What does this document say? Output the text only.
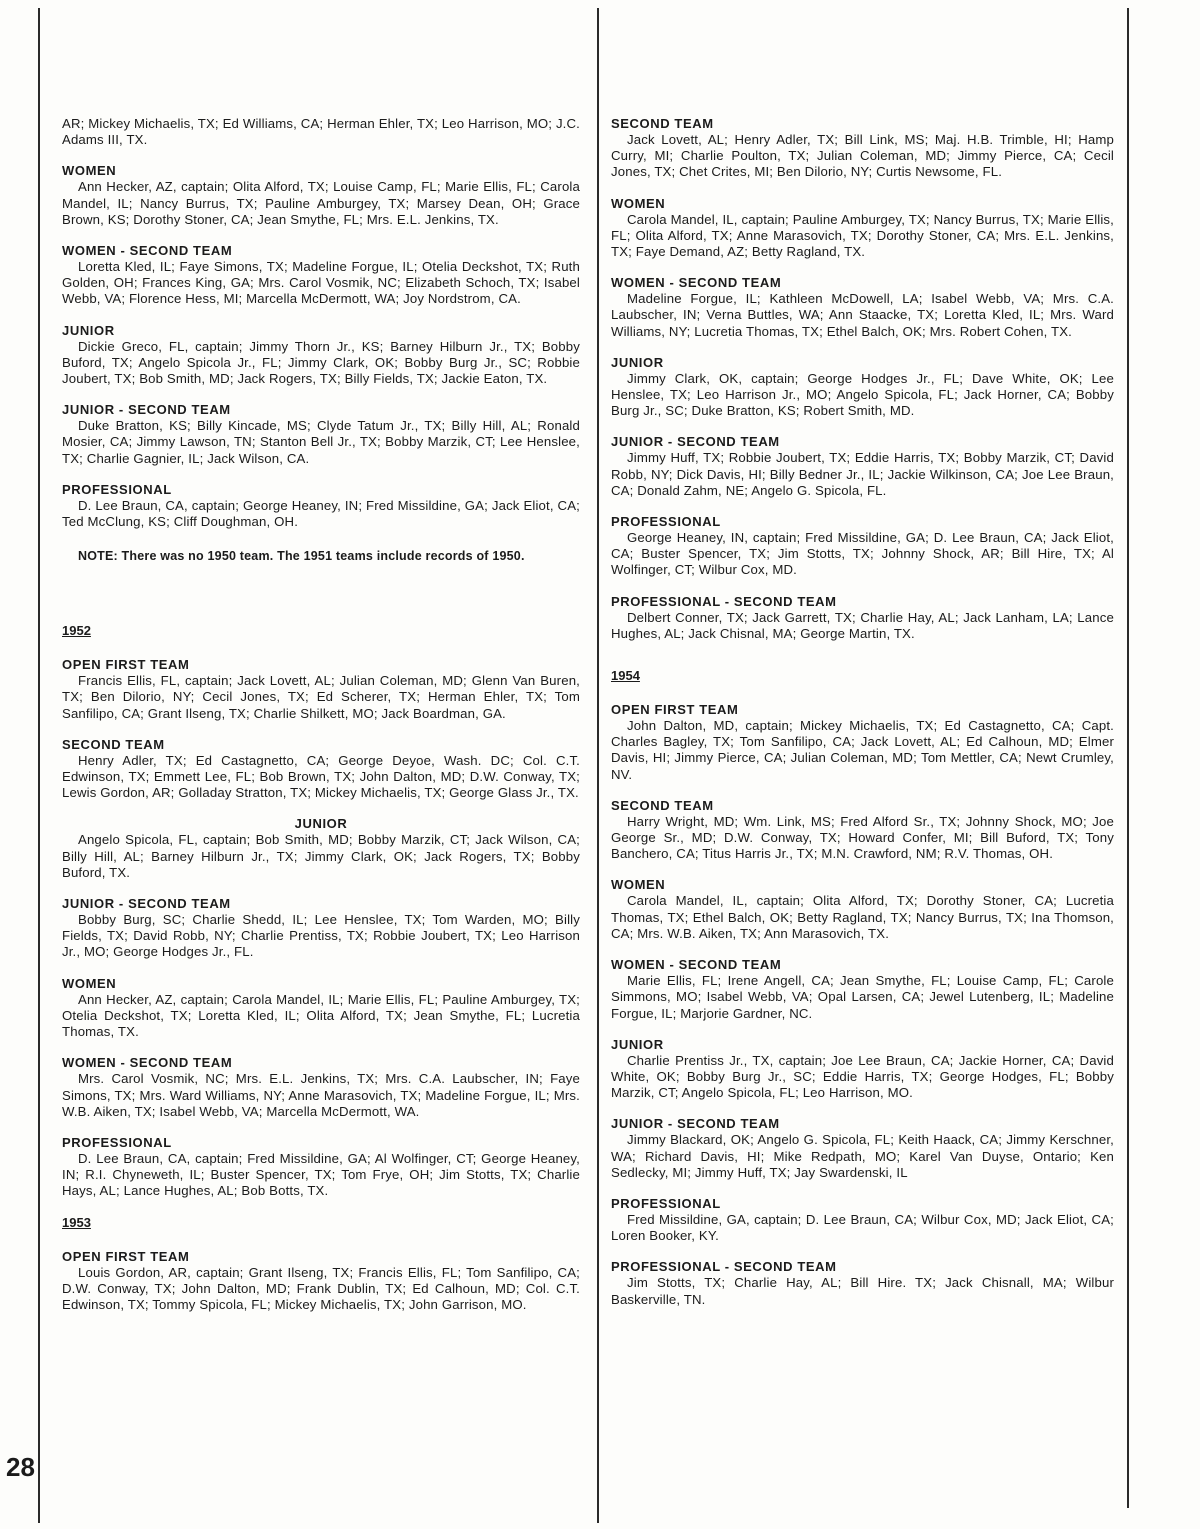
28

AR; Mickey Michaelis, TX; Ed Williams, CA; Herman Ehler, TX; Leo Harrison, MO; J.C. Adams III, TX.

WOMEN

Ann Hecker, AZ, captain; Olita Alford, TX; Louise Camp, FL; Marie Ellis, FL; Carola Mandel, IL; Nancy Burrus, TX; Pauline Amburgey, TX; Marsey Dean, OH; Grace Brown, KS; Dorothy Stoner, CA; Jean Smythe, FL; Mrs. E.L. Jenkins, TX.

WOMEN - SECOND TEAM

Loretta Kled, IL; Faye Simons, TX; Madeline Forgue, IL; Otelia Deckshot, TX; Ruth Golden, OH; Frances King, GA; Mrs. Carol Vosmik, NC; Elizabeth Schoch, TX; Isabel Webb, VA; Florence Hess, MI; Marcella McDermott, WA; Joy Nordstrom, CA.

JUNIOR

Dickie Greco, FL, captain; Jimmy Thorn Jr., KS; Barney Hilburn Jr., TX; Bobby Buford, TX; Angelo Spicola Jr., FL; Jimmy Clark, OK; Bobby Burg Jr., SC; Robbie Joubert, TX; Bob Smith, MD; Jack Rogers, TX; Billy Fields, TX; Jackie Eaton, TX.

JUNIOR - SECOND TEAM

Duke Bratton, KS; Billy Kincade, MS; Clyde Tatum Jr., TX; Billy Hill, AL; Ronald Mosier, CA; Jimmy Lawson, TN; Stanton Bell Jr., TX; Bobby Marzik, CT; Lee Henslee, TX; Charlie Gagnier, IL; Jack Wilson, CA.

PROFESSIONAL

D. Lee Braun, CA, captain; George Heaney, IN; Fred Missildine, GA; Jack Eliot, CA; Ted McClung, KS; Cliff Doughman, OH.

NOTE: There was no 1950 team. The 1951 teams include records of 1950.

1952

OPEN FIRST TEAM

Francis Ellis, FL, captain; Jack Lovett, AL; Julian Coleman, MD; Glenn Van Buren, TX; Ben Dilorio, NY; Cecil Jones, TX; Ed Scherer, TX; Herman Ehler, TX; Tom Sanfilipo, CA; Grant Ilseng, TX; Charlie Shilkett, MO; Jack Boardman, GA.

SECOND TEAM

Henry Adler, TX; Ed Castagnetto, CA; George Deyoe, Wash. DC; Col. C.T. Edwinson, TX; Emmett Lee, FL; Bob Brown, TX; John Dalton, MD; D.W. Conway, TX; Lewis Gordon, AR; Golladay Stratton, TX; Mickey Michaelis, TX; George Glass Jr., TX.

JUNIOR

Angelo Spicola, FL, captain; Bob Smith, MD; Bobby Marzik, CT; Jack Wilson, CA; Billy Hill, AL; Barney Hilburn Jr., TX; Jimmy Clark, OK; Jack Rogers, TX; Bobby Buford, TX.

JUNIOR - SECOND TEAM

Bobby Burg, SC; Charlie Shedd, IL; Lee Henslee, TX; Tom Warden, MO; Billy Fields, TX; David Robb, NY; Charlie Prentiss, TX; Robbie Joubert, TX; Leo Harrison Jr., MO; George Hodges Jr., FL.

WOMEN

Ann Hecker, AZ, captain; Carola Mandel, IL; Marie Ellis, FL; Pauline Amburgey, TX; Otelia Deckshot, TX; Loretta Kled, IL; Olita Alford, TX; Jean Smythe, FL; Lucretia Thomas, TX.

WOMEN - SECOND TEAM

Mrs. Carol Vosmik, NC; Mrs. E.L. Jenkins, TX; Mrs. C.A. Laubscher, IN; Faye Simons, TX; Mrs. Ward Williams, NY; Anne Marasovich, TX; Madeline Forgue, IL; Mrs. W.B. Aiken, TX; Isabel Webb, VA; Marcella McDermott, WA.

PROFESSIONAL

D. Lee Braun, CA, captain; Fred Missildine, GA; Al Wolfinger, CT; George Heaney, IN; R.I. Chyneweth, IL; Buster Spencer, TX; Tom Frye, OH; Jim Stotts, TX; Charlie Hays, AL; Lance Hughes, AL; Bob Botts, TX.

1953

OPEN FIRST TEAM

Louis Gordon, AR, captain; Grant Ilseng, TX; Francis Ellis, FL; Tom Sanfilipo, CA; D.W. Conway, TX; John Dalton, MD; Frank Dublin, TX; Ed Calhoun, MD; Col. C.T. Edwinson, TX; Tommy Spicola, FL; Mickey Michaelis, TX; John Garrison, MO.

SECOND TEAM

Jack Lovett, AL; Henry Adler, TX; Bill Link, MS; Maj. H.B. Trimble, HI; Hamp Curry, MI; Charlie Poulton, TX; Julian Coleman, MD; Jimmy Pierce, CA; Cecil Jones, TX; Chet Crites, MI; Ben Dilorio, NY; Curtis Newsome, FL.

WOMEN

Carola Mandel, IL, captain; Pauline Amburgey, TX; Nancy Burrus, TX; Marie Ellis, FL; Olita Alford, TX; Anne Marasovich, TX; Dorothy Stoner, CA; Mrs. E.L. Jenkins, TX; Faye Demand, AZ; Betty Ragland, TX.

WOMEN - SECOND TEAM

Madeline Forgue, IL; Kathleen McDowell, LA; Isabel Webb, VA; Mrs. C.A. Laubscher, IN; Verna Buttles, WA; Ann Staacke, TX; Loretta Kled, IL; Mrs. Ward Williams, NY; Lucretia Thomas, TX; Ethel Balch, OK; Mrs. Robert Cohen, TX.

JUNIOR

Jimmy Clark, OK, captain; George Hodges Jr., FL; Dave White, OK; Lee Henslee, TX; Leo Harrison Jr., MO; Angelo Spicola, FL; Jack Horner, CA; Bobby Burg Jr., SC; Duke Bratton, KS; Robert Smith, MD.

JUNIOR - SECOND TEAM

Jimmy Huff, TX; Robbie Joubert, TX; Eddie Harris, TX; Bobby Marzik, CT; David Robb, NY; Dick Davis, HI; Billy Bedner Jr., IL; Jackie Wilkinson, CA; Joe Lee Braun, CA; Donald Zahm, NE; Angelo G. Spicola, FL.

PROFESSIONAL

George Heaney, IN, captain; Fred Missildine, GA; D. Lee Braun, CA; Jack Eliot, CA; Buster Spencer, TX; Jim Stotts, TX; Johnny Shock, AR; Bill Hire, TX; Al Wolfinger, CT; Wilbur Cox, MD.

PROFESSIONAL - SECOND TEAM

Delbert Conner, TX; Jack Garrett, TX; Charlie Hay, AL; Jack Lanham, LA; Lance Hughes, AL; Jack Chisnal, MA; George Martin, TX.

1954

OPEN FIRST TEAM

John Dalton, MD, captain; Mickey Michaelis, TX; Ed Castagnetto, CA; Capt. Charles Bagley, TX; Tom Sanfilipo, CA; Jack Lovett, AL; Ed Calhoun, MD; Elmer Davis, HI; Jimmy Pierce, CA; Julian Coleman, MD; Tom Mettler, CA; Newt Crumley, NV.

SECOND TEAM

Harry Wright, MD; Wm. Link, MS; Fred Alford Sr., TX; Johnny Shock, MO; Joe George Sr., MD; D.W. Conway, TX; Howard Confer, MI; Bill Buford, TX; Tony Banchero, CA; Titus Harris Jr., TX; M.N. Crawford, NM; R.V. Thomas, OH.

WOMEN

Carola Mandel, IL, captain; Olita Alford, TX; Dorothy Stoner, CA; Lucretia Thomas, TX; Ethel Balch, OK; Betty Ragland, TX; Nancy Burrus, TX; Ina Thomson, CA; Mrs. W.B. Aiken, TX; Ann Marasovich, TX.

WOMEN - SECOND TEAM

Marie Ellis, FL; Irene Angell, CA; Jean Smythe, FL; Louise Camp, FL; Carole Simmons, MO; Isabel Webb, VA; Opal Larsen, CA; Jewel Lutenberg, IL; Madeline Forgue, IL; Marjorie Gardner, NC.

JUNIOR

Charlie Prentiss Jr., TX, captain; Joe Lee Braun, CA; Jackie Horner, CA; David White, OK; Bobby Burg Jr., SC; Eddie Harris, TX; George Hodges, FL; Bobby Marzik, CT; Angelo Spicola, FL; Leo Harrison, MO.

JUNIOR - SECOND TEAM

Jimmy Blackard, OK; Angelo G. Spicola, FL; Keith Haack, CA; Jimmy Kerschner, WA; Richard Davis, HI; Mike Redpath, MO; Karel Van Duyse, Ontario; Ken Sedlecky, MI; Jimmy Huff, TX; Jay Swardenski, IL

PROFESSIONAL

Fred Missildine, GA, captain; D. Lee Braun, CA; Wilbur Cox, MD; Jack Eliot, CA; Loren Booker, KY.

PROFESSIONAL - SECOND TEAM

Jim Stotts, TX; Charlie Hay, AL; Bill Hire. TX; Jack Chisnall, MA; Wilbur Baskerville, TN.
